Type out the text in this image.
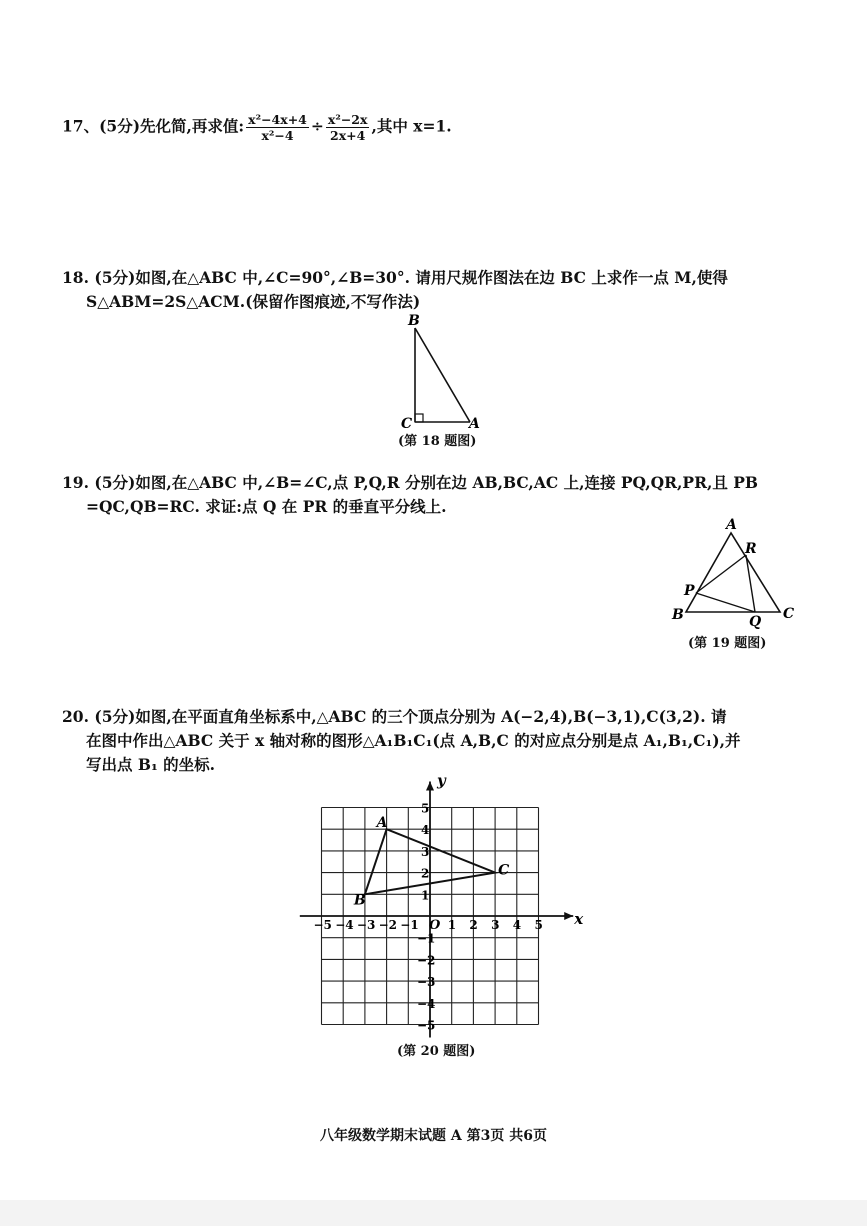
17、(5分)先化简,再求值: $\frac{\text{x²−4x+4}}{\text{x²−4}} \div \frac{\text{x²−2x}}{2x+4}$ ,其中 x=1.
18. (5分)如图,在△ABC 中,∠C=90°,∠B=30°. 请用尺规作图法在边 BC 上求作一点 M,使得
S△ABM=2S△ACM.(保留作图痕迹,不写作法)
B
C	A
(第 18 题图)
19. (5分)如图,在△ABC 中,∠B=∠C,点 P,Q,R 分别在边 AB,BC,AC 上,连接 PQ,QR,PR,且 PB
=QC,QB=RC. 求证:点 Q 在 PR 的垂直平分线上.
A
R
P
B	Q C
(第 19 题图)
20. (5分)如图,在平面直角坐标系中,△ABC 的三个顶点分别为 A(−2,4),B(−3,1),C(3,2). 请
在图中作出△ABC 关于 x 轴对称的图形△A₁B₁C₁(点 A,B,C 的对应点分别是点 A₁,B₁,C₁),并
写出点 B₁ 的坐标.
x
y
−5 −4 −3 −2 −1 1 2 3 4 5
5
4
3
2
1
−1
−2
−3
−4
−5
O
A
B
C
(第 20 题图)
八年级数学期末试题 A 第3页 共6页
